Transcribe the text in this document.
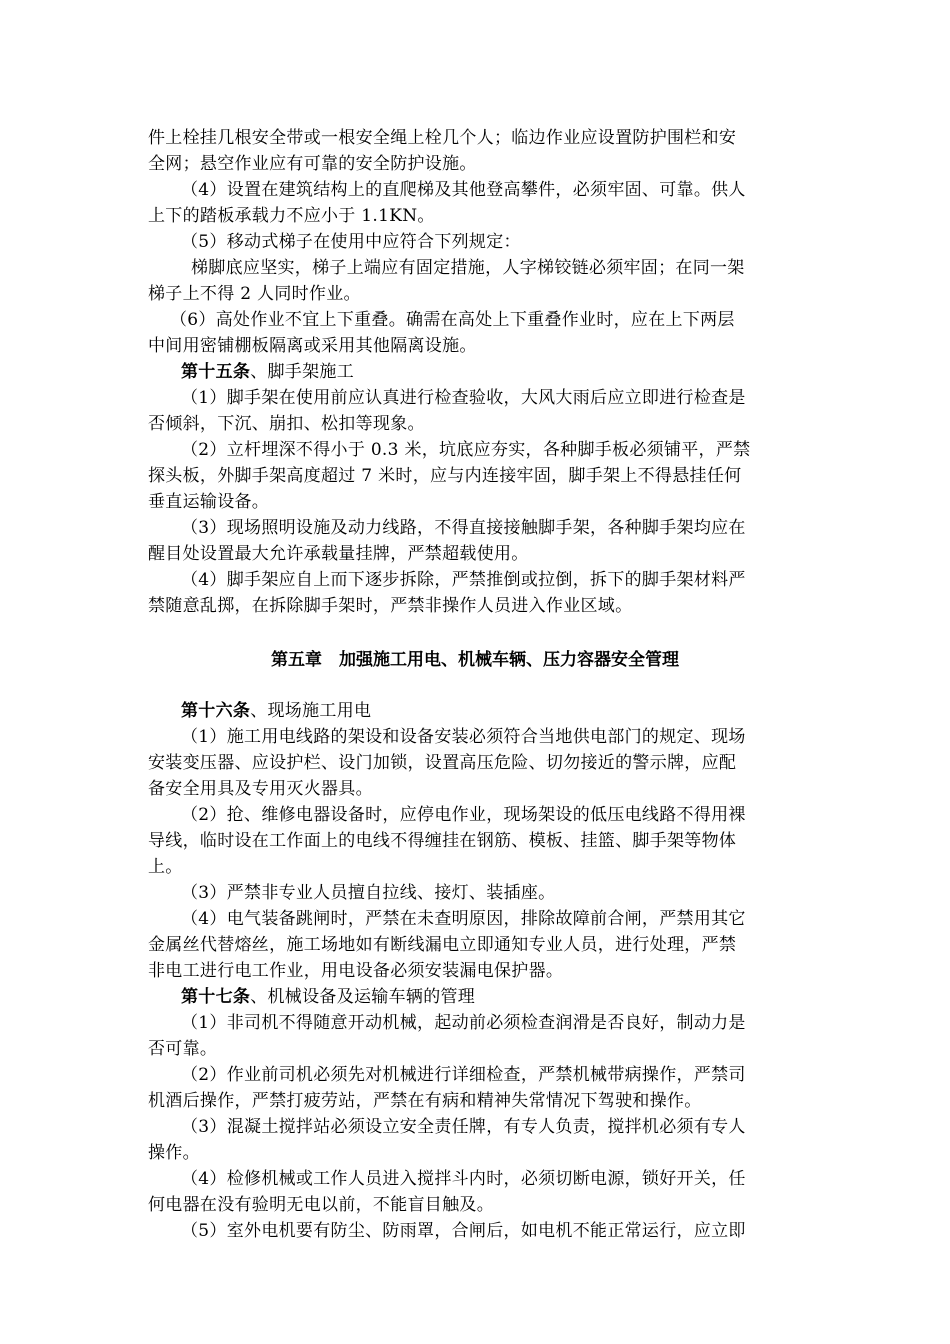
件上栓挂几根安全带或一根安全绳上栓几个人；临边作业应设置防护围栏和安
全网；悬空作业应有可靠的安全防护设施。
（4）设置在建筑结构上的直爬梯及其他登高攀件，必须牢固、可靠。供人
上下的踏板承载力不应小于 1.1KN。
（5）移动式梯子在使用中应符合下列规定：
梯脚底应坚实，梯子上端应有固定措施，人字梯铰链必须牢固；在同一架
梯子上不得 2 人同时作业。
（6）高处作业不宜上下重叠。确需在高处上下重叠作业时，应在上下两层
中间用密铺棚板隔离或采用其他隔离设施。
第十五条、脚手架施工
（1）脚手架在使用前应认真进行检查验收，大风大雨后应立即进行检查是
否倾斜，下沉、崩扣、松扣等现象。
（2）立杆埋深不得小于 0.3 米，坑底应夯实，各种脚手板必须铺平，严禁
探头板，外脚手架高度超过 7 米时，应与内连接牢固，脚手架上不得悬挂任何
垂直运输设备。
（3）现场照明设施及动力线路，不得直接接触脚手架，各种脚手架均应在
醒目处设置最大允许承载量挂牌，严禁超载使用。
（4）脚手架应自上而下逐步拆除，严禁推倒或拉倒，拆下的脚手架材料严
禁随意乱掷，在拆除脚手架时，严禁非操作人员进入作业区域。
第五章　加强施工用电、机械车辆、压力容器安全管理
第十六条、现场施工用电
（1）施工用电线路的架设和设备安装必须符合当地供电部门的规定、现场
安装变压器、应设护栏、设门加锁，设置高压危险、切勿接近的警示牌，应配
备安全用具及专用灭火器具。
（2）抢、维修电器设备时，应停电作业，现场架设的低压电线路不得用裸
导线，临时设在工作面上的电线不得缠挂在钢筋、模板、挂篮、脚手架等物体
上。
（3）严禁非专业人员擅自拉线、接灯、装插座。
（4）电气装备跳闸时，严禁在未查明原因，排除故障前合闸，严禁用其它
金属丝代替熔丝，施工场地如有断线漏电立即通知专业人员，进行处理，严禁
非电工进行电工作业，用电设备必须安装漏电保护器。
第十七条、机械设备及运输车辆的管理
（1）非司机不得随意开动机械，起动前必须检查润滑是否良好，制动力是
否可靠。
（2）作业前司机必须先对机械进行详细检查，严禁机械带病操作，严禁司
机酒后操作，严禁打疲劳站，严禁在有病和精神失常情况下驾驶和操作。
（3）混凝土搅拌站必须设立安全责任牌，有专人负责，搅拌机必须有专人
操作。
（4）检修机械或工作人员进入搅拌斗内时，必须切断电源，锁好开关，任
何电器在没有验明无电以前，不能盲目触及。
（5）室外电机要有防尘、防雨罩，合闸后，如电机不能正常运行，应立即
